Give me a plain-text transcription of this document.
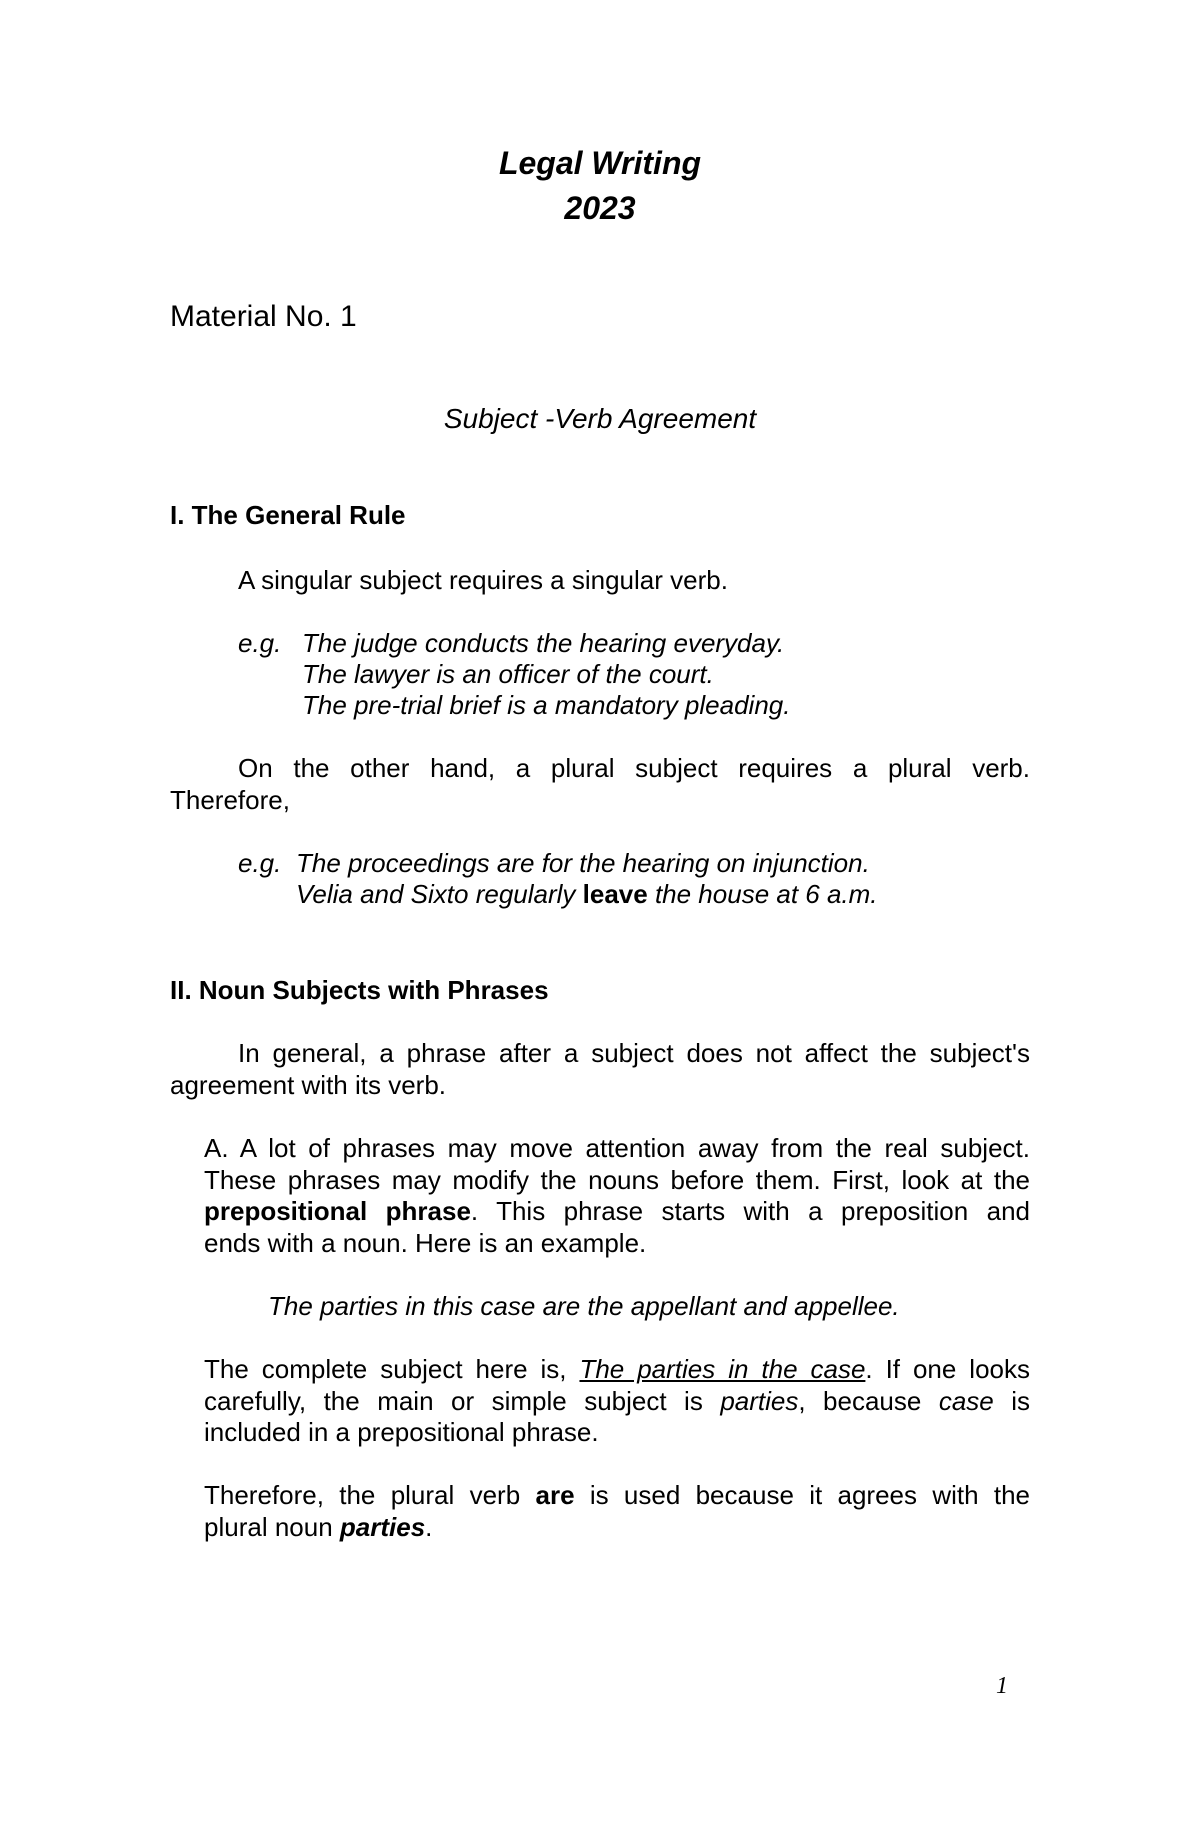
Legal Writing
2023
Material No. 1
Subject -Verb Agreement
I. The General Rule
A singular subject requires a singular verb.
e.g. The judge conducts the hearing everyday.
The lawyer is an officer of the court.
The pre-trial brief is a mandatory pleading.
On the other hand, a plural subject requires a plural verb.
Therefore,
e.g. The proceedings are for the hearing on injunction.
Velia and Sixto regularly leave the house at 6 a.m.
II. Noun Subjects with Phrases
In general, a phrase after a subject does not affect the subject's
agreement with its verb.
A. A lot of phrases may move attention away from the real subject.
These phrases may modify the nouns before them. First, look at the
prepositional phrase. This phrase starts with a preposition and
ends with a noun. Here is an example.
The parties in this case are the appellant and appellee.
The complete subject here is, The parties in the case. If one looks
carefully, the main or simple subject is parties, because case is
included in a prepositional phrase.
Therefore, the plural verb are is used because it agrees with the
plural noun parties.
1
